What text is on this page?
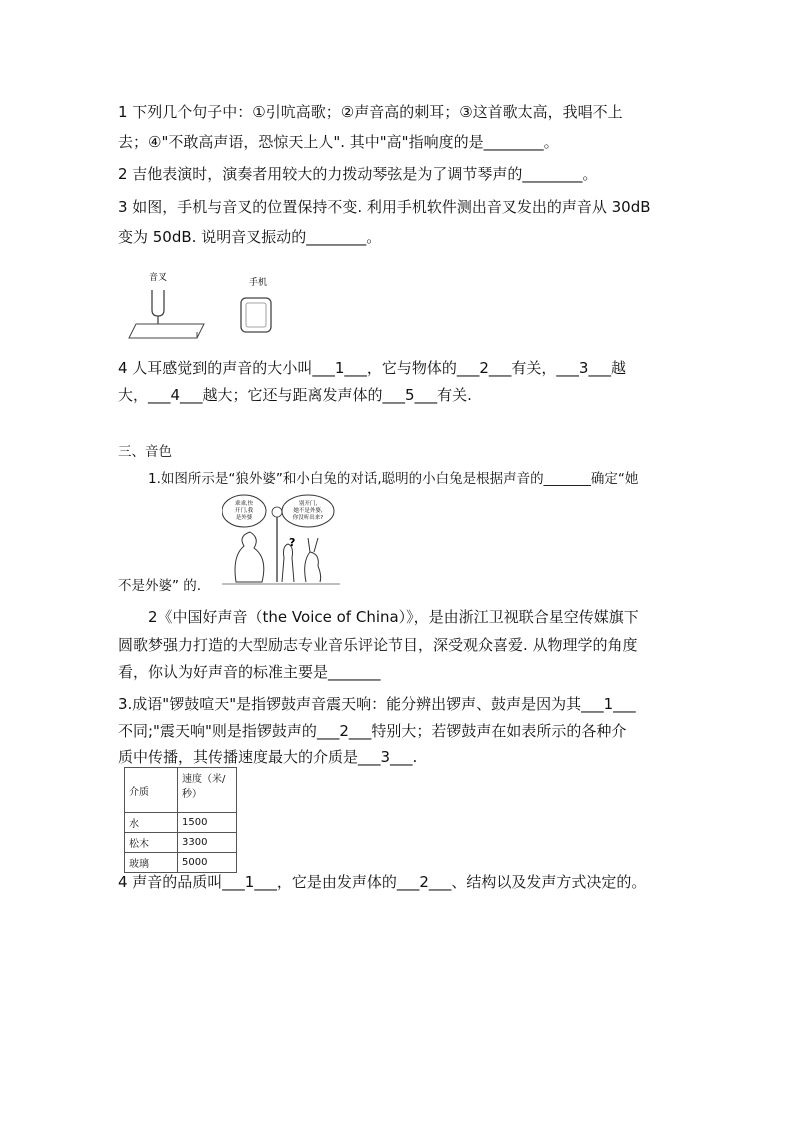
1 下列几个句子中：①引吭高歌；②声音高的刺耳；③这首歌太高，我唱不上
去；④"不敢高声语，恐惊天上人". 其中"高"指响度的是________。
2 吉他表演时，演奏者用较大的力拨动琴弦是为了调节琴声的________。
3 如图，手机与音叉的位置保持不变. 利用手机软件测出音叉发出的声音从 30dB
变为 50dB. 说明音叉振动的________。
音叉	手机
4 人耳感觉到的声音的大小叫___1___，它与物体的___2___有关，___3___越
大，___4___越大；它还与距离发声体的___5___有关.
三、音色
1.如图所示是“狼外婆”和小白兔的对话,聪明的小白兔是根据声音的_______确定“她
乖乖,快
开门,我
是外婆
别开门,
她不是外婆,
你没听出来?
?
不是外婆” 的.
2《中国好声音（the Voice of China）》，是由浙江卫视联合星空传媒旗下
圆歌梦强力打造的大型励志专业音乐评论节目，深受观众喜爱. 从物理学的角度
看，你认为好声音的标准主要是_______
3.成语"锣鼓喧天"是指锣鼓声音震天响：能分辨出锣声、鼓声是因为其___1___
不同;"震天响"则是指锣鼓声的___2___特别大；若锣鼓声在如表所示的各种介
质中传播，其传播速度最大的介质是___3___.
介质	速度（米/秒）
水	1500
松木	3300
玻璃	5000
4 声音的品质叫___1___，它是由发声体的___2___、结构以及发声方式决定的。
